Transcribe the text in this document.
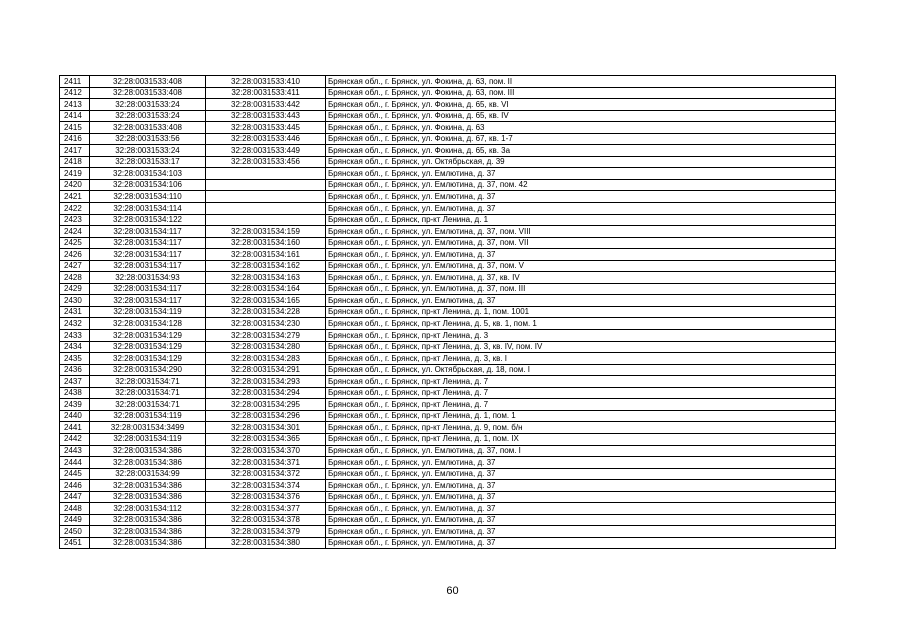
2411	32:28:0031533:408	32:28:0031533:410	Брянская обл., г. Брянск, ул. Фокина, д. 63, пом. II
2412	32:28:0031533:408	32:28:0031533:411	Брянская обл., г. Брянск, ул. Фокина, д. 63, пом. III
2413	32:28:0031533:24	32:28:0031533:442	Брянская обл., г. Брянск, ул. Фокина, д. 65, кв. VI
2414	32:28:0031533:24	32:28:0031533:443	Брянская обл., г. Брянск, ул. Фокина, д. 65, кв. IV
2415	32:28:0031533:408	32:28:0031533:445	Брянская обл., г. Брянск, ул. Фокина, д. 63
2416	32:28:0031533:56	32:28:0031533:446	Брянская обл., г. Брянск, ул. Фокина, д. 67, кв. 1-7
2417	32:28:0031533:24	32:28:0031533:449	Брянская обл., г. Брянск, ул. Фокина, д. 65, кв. 3а
2418	32:28:0031533:17	32:28:0031533:456	Брянская обл., г. Брянск, ул. Октябрьская, д. 39
2419	32:28:0031534:103		Брянская обл., г. Брянск, ул. Емлютина, д. 37
2420	32:28:0031534:106		Брянская обл., г. Брянск, ул. Емлютина, д. 37, пом. 42
2421	32:28:0031534:110		Брянская обл., г. Брянск, ул. Емлютина, д. 37
2422	32:28:0031534:114		Брянская обл., г. Брянск, ул. Емлютина, д. 37
2423	32:28:0031534:122		Брянская обл., г. Брянск, пр-кт Ленина, д. 1
2424	32:28:0031534:117	32:28:0031534:159	Брянская обл., г. Брянск, ул. Емлютина, д. 37, пом. VIII
2425	32:28:0031534:117	32:28:0031534:160	Брянская обл., г. Брянск, ул. Емлютина, д. 37, пом. VII
2426	32:28:0031534:117	32:28:0031534:161	Брянская обл., г. Брянск, ул. Емлютина, д. 37
2427	32:28:0031534:117	32:28:0031534:162	Брянская обл., г. Брянск, ул. Емлютина, д. 37, пом. V
2428	32:28:0031534:93	32:28:0031534:163	Брянская обл., г. Брянск, ул. Емлютина, д. 37, кв. IV
2429	32:28:0031534:117	32:28:0031534:164	Брянская обл., г. Брянск, ул. Емлютина, д. 37, пом. III
2430	32:28:0031534:117	32:28:0031534:165	Брянская обл., г. Брянск, ул. Емлютина, д. 37
2431	32:28:0031534:119	32:28:0031534:228	Брянская обл., г. Брянск, пр-кт Ленина, д. 1, пом. 1001
2432	32:28:0031534:128	32:28:0031534:230	Брянская обл., г. Брянск, пр-кт Ленина, д. 5, кв. 1, пом. 1
2433	32:28:0031534:129	32:28:0031534:279	Брянская обл., г. Брянск, пр-кт Ленина, д. 3
2434	32:28:0031534:129	32:28:0031534:280	Брянская обл., г. Брянск, пр-кт Ленина, д. 3, кв. IV, пом. IV
2435	32:28:0031534:129	32:28:0031534:283	Брянская обл., г. Брянск, пр-кт Ленина, д. 3, кв. I
2436	32:28:0031534:290	32:28:0031534:291	Брянская обл., г. Брянск, ул. Октябрьская, д. 18, пом. I
2437	32:28:0031534:71	32:28:0031534:293	Брянская обл., г. Брянск, пр-кт Ленина, д. 7
2438	32:28:0031534:71	32:28:0031534:294	Брянская обл., г. Брянск, пр-кт Ленина, д. 7
2439	32:28:0031534:71	32:28:0031534:295	Брянская обл., г. Брянск, пр-кт Ленина, д. 7
2440	32:28:0031534:119	32:28:0031534:296	Брянская обл., г. Брянск, пр-кт Ленина, д. 1, пом. 1
2441	32:28:0031534:3499	32:28:0031534:301	Брянская обл., г. Брянск, пр-кт Ленина, д. 9, пом. б/н
2442	32:28:0031534:119	32:28:0031534:365	Брянская обл., г. Брянск, пр-кт Ленина, д. 1, пом. IX
2443	32:28:0031534:386	32:28:0031534:370	Брянская обл., г. Брянск, ул. Емлютина, д. 37, пом. I
2444	32:28:0031534:386	32:28:0031534:371	Брянская обл., г. Брянск, ул. Емлютина, д. 37
2445	32:28:0031534:99	32:28:0031534:372	Брянская обл., г. Брянск, ул. Емлютина, д. 37
2446	32:28:0031534:386	32:28:0031534:374	Брянская обл., г. Брянск, ул. Емлютина, д. 37
2447	32:28:0031534:386	32:28:0031534:376	Брянская обл., г. Брянск, ул. Емлютина, д. 37
2448	32:28:0031534:112	32:28:0031534:377	Брянская обл., г. Брянск, ул. Емлютина, д. 37
2449	32:28:0031534:386	32:28:0031534:378	Брянская обл., г. Брянск, ул. Емлютина, д. 37
2450	32:28:0031534:386	32:28:0031534:379	Брянская обл., г. Брянск, ул. Емлютина, д. 37
2451	32:28:0031534:386	32:28:0031534:380	Брянская обл., г. Брянск, ул. Емлютина, д. 37
60
